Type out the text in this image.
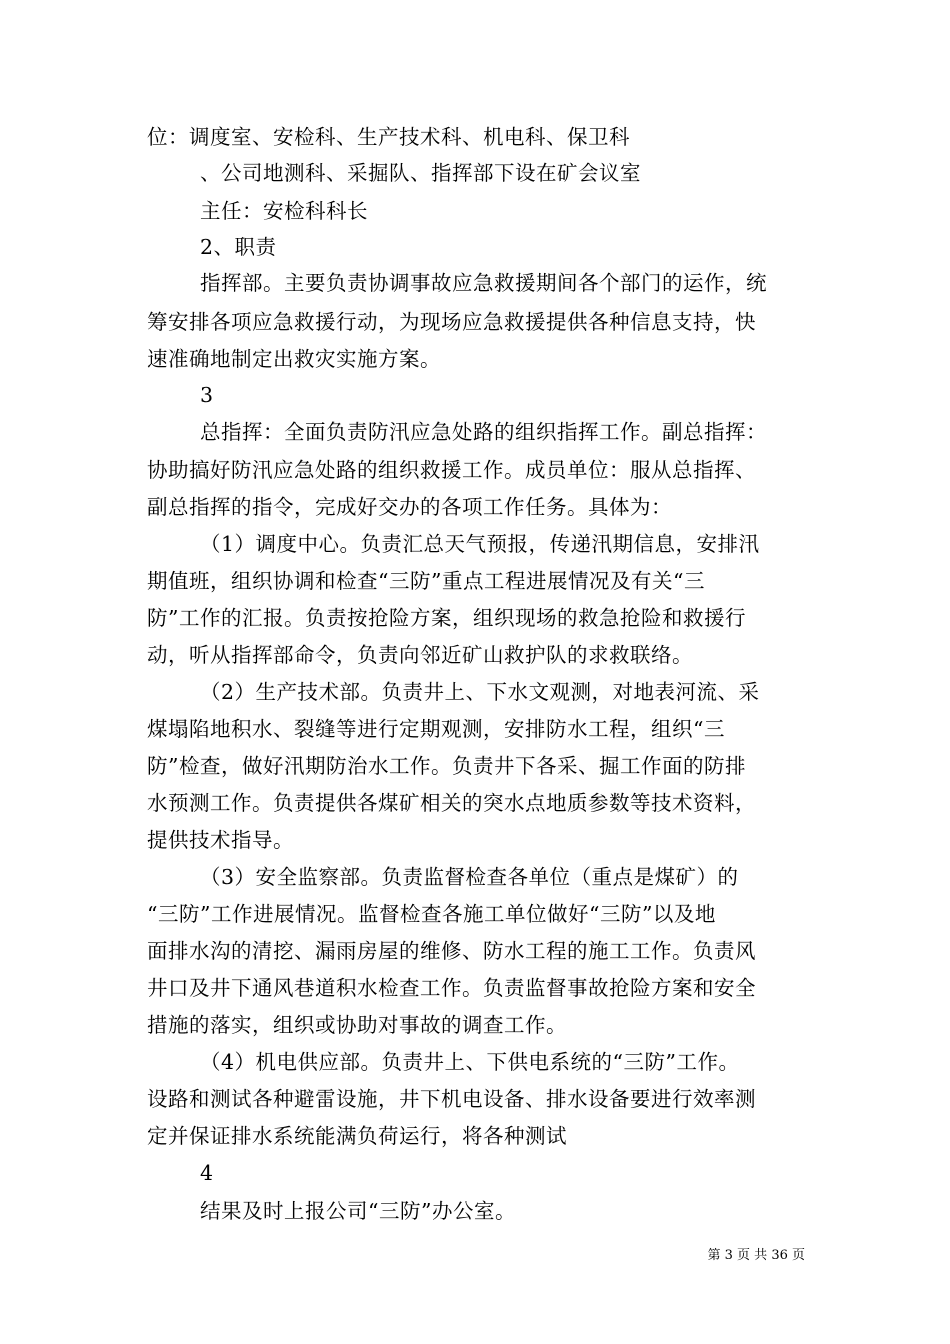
位：调度室、安检科、生产技术科、机电科、保卫科
、公司地测科、采掘队、指挥部下设在矿会议室
主任：安检科科长
2、职责
指挥部。主要负责协调事故应急救援期间各个部门的运作，统
筹安排各项应急救援行动，为现场应急救援提供各种信息支持，快
速准确地制定出救灾实施方案。
3
总指挥：全面负责防汛应急处路的组织指挥工作。副总指挥：
协助搞好防汛应急处路的组织救援工作。成员单位：服从总指挥、
副总指挥的指令，完成好交办的各项工作任务。具体为：
（1）调度中心。负责汇总天气预报，传递汛期信息，安排汛
期值班，组织协调和检查“三防”重点工程进展情况及有关“三
防”工作的汇报。负责按抢险方案，组织现场的救急抢险和救援行
动，听从指挥部命令，负责向邻近矿山救护队的求救联络。
（2）生产技术部。负责井上、下水文观测，对地表河流、采
煤塌陷地积水、裂缝等进行定期观测，安排防水工程，组织“三
防”检查，做好汛期防治水工作。负责井下各采、掘工作面的防排
水预测工作。负责提供各煤矿相关的突水点地质参数等技术资料，
提供技术指导。
（3）安全监察部。负责监督检查各单位（重点是煤矿）的
“三防”工作进展情况。监督检查各施工单位做好“三防”以及地
面排水沟的清挖、漏雨房屋的维修、防水工程的施工工作。负责风
井口及井下通风巷道积水检查工作。负责监督事故抢险方案和安全
措施的落实，组织或协助对事故的调查工作。
（4）机电供应部。负责井上、下供电系统的“三防”工作。
设路和测试各种避雷设施，井下机电设备、排水设备要进行效率测
定并保证排水系统能满负荷运行，将各种测试
4
结果及时上报公司“三防”办公室。
第 3 页 共 36 页
